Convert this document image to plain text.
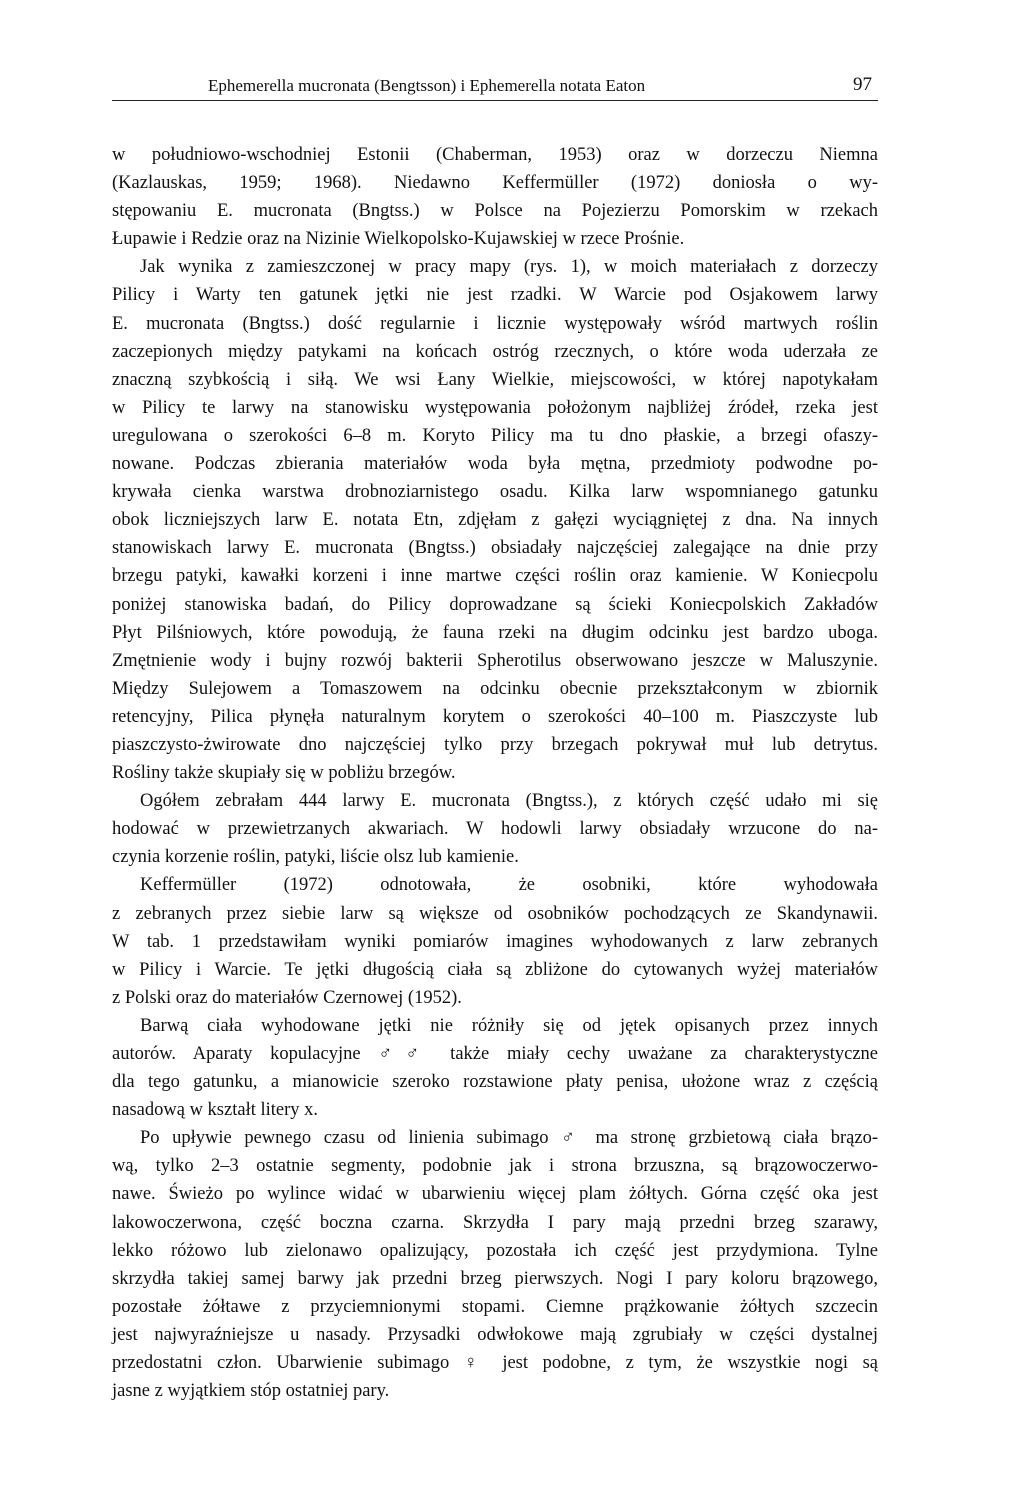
Ephemerella mucronata (Bengtsson) i Ephemerella notata Eaton	97
w południowo-wschodniej Estonii (Chaberman, 1953) oraz w dorzeczu Niemna
(Kazlauskas, 1959; 1968). Niedawno Keffermüller (1972) doniosła o wy-
stępowaniu E. mucronata (Bngtss.) w Polsce na Pojezierzu Pomorskim w rzekach
Łupawie i Redzie oraz na Nizinie Wielkopolsko-Kujawskiej w rzece Prośnie.
Jak wynika z zamieszczonej w pracy mapy (rys. 1), w moich materiałach z dorzeczy
Pilicy i Warty ten gatunek jętki nie jest rzadki. W Warcie pod Osjakowem larwy
E. mucronata (Bngtss.) dość regularnie i licznie występowały wśród martwych roślin
zaczepionych między patykami na końcach ostróg rzecznych, o które woda uderzała ze
znaczną szybkością i siłą. We wsi Łany Wielkie, miejscowości, w której napotykałam
w Pilicy te larwy na stanowisku występowania położonym najbliżej źródeł, rzeka jest
uregulowana o szerokości 6–8 m. Koryto Pilicy ma tu dno płaskie, a brzegi ofaszy-
nowane. Podczas zbierania materiałów woda była mętna, przedmioty podwodne po-
krywała cienka warstwa drobnoziarnistego osadu. Kilka larw wspomnianego gatunku
obok liczniejszych larw E. notata Etn, zdjęłam z gałęzi wyciągniętej z dna. Na innych
stanowiskach larwy E. mucronata (Bngtss.) obsiadały najczęściej zalegające na dnie przy
brzegu patyki, kawałki korzeni i inne martwe części roślin oraz kamienie. W Koniecpolu
poniżej stanowiska badań, do Pilicy doprowadzane są ścieki Koniecpolskich Zakładów
Płyt Pilśniowych, które powodują, że fauna rzeki na długim odcinku jest bardzo uboga.
Zmętnienie wody i bujny rozwój bakterii Spherotilus obserwowano jeszcze w Maluszynie.
Między Sulejowem a Tomaszowem na odcinku obecnie przekształconym w zbiornik
retencyjny, Pilica płynęła naturalnym korytem o szerokości 40–100 m. Piaszczyste lub
piaszczysto-żwirowate dno najczęściej tylko przy brzegach pokrywał muł lub detrytus.
Rośliny także skupiały się w pobliżu brzegów.
Ogółem zebrałam 444 larwy E. mucronata (Bngtss.), z których część udało mi się
hodować w przewietrzanych akwariach. W hodowli larwy obsiadały wrzucone do na-
czynia korzenie roślin, patyki, liście olsz lub kamienie.
Keffermüller (1972) odnotowała, że osobniki, które wyhodowała
z zebranych przez siebie larw są większe od osobników pochodzących ze Skandynawii.
W tab. 1 przedstawiłam wyniki pomiarów imagines wyhodowanych z larw zebranych
w Pilicy i Warcie. Te jętki długością ciała są zbliżone do cytowanych wyżej materiałów
z Polski oraz do materiałów Czernowej (1952).
Barwą ciała wyhodowane jętki nie różniły się od jętek opisanych przez innych
autorów. Aparaty kopulacyjne ♂♂ także miały cechy uważane za charakterystyczne
dla tego gatunku, a mianowicie szeroko rozstawione płaty penisa, ułożone wraz z częścią
nasadową w kształt litery x.
Po upływie pewnego czasu od linienia subimago ♂ ma stronę grzbietową ciała brązo-
wą, tylko 2–3 ostatnie segmenty, podobnie jak i strona brzuszna, są brązowoczerwo-
nawe. Świeżo po wylince widać w ubarwieniu więcej plam żółtych. Górna część oka jest
lakowoczerwona, część boczna czarna. Skrzydła I pary mają przedni brzeg szarawy,
lekko różowo lub zielonawo opalizujący, pozostała ich część jest przydymiona. Tylne
skrzydła takiej samej barwy jak przedni brzeg pierwszych. Nogi I pary koloru brązowego,
pozostałe żółtawe z przyciemnionymi stopami. Ciemne prążkowanie żółtych szczecin
jest najwyraźniejsze u nasady. Przysadki odwłokowe mają zgrubiały w części dystalnej
przedostatni człon. Ubarwienie subimago ♀ jest podobne, z tym, że wszystkie nogi są
jasne z wyjątkiem stóp ostatniej pary.
